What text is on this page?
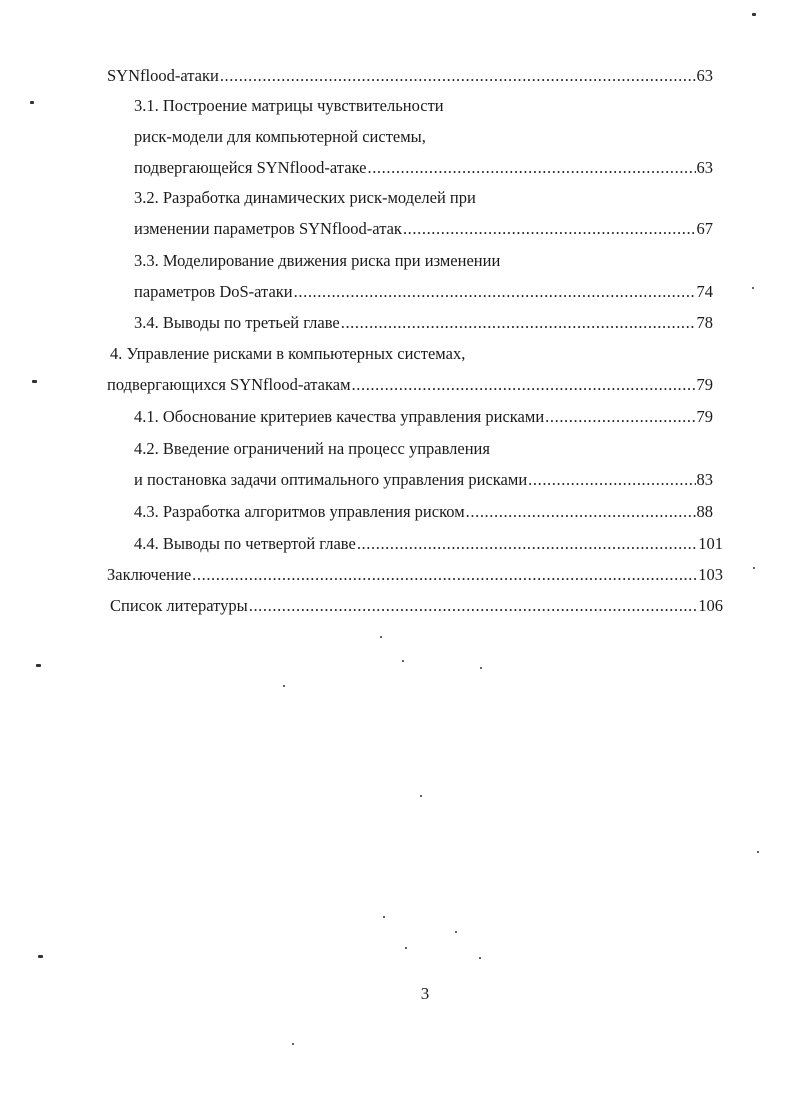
SYNflood-атаки .....	63
3.1. Построение матрицы чувствительности
риск-модели для компьютерной системы,
подвергающейся SYNflood-атаке .....	63
3.2. Разработка динамических риск-моделей при
изменении параметров SYNflood-атак .....	67
3.3. Моделирование движения риска при изменении
параметров DoS-атаки .....	74
3.4. Выводы по третьей главе .....	78
4. Управление рисками в компьютерных системах,
подвергающихся SYNflood-атакам .....	79
4.1. Обоснование критериев качества управления рисками .....	79
4.2. Введение ограничений на процесс управления
и постановка задачи оптимального управления рисками .....	83
4.3. Разработка алгоритмов управления риском .....	88
4.4. Выводы по четвертой главе .....	101
Заключение .....	103
Список литературы .....	106
3
